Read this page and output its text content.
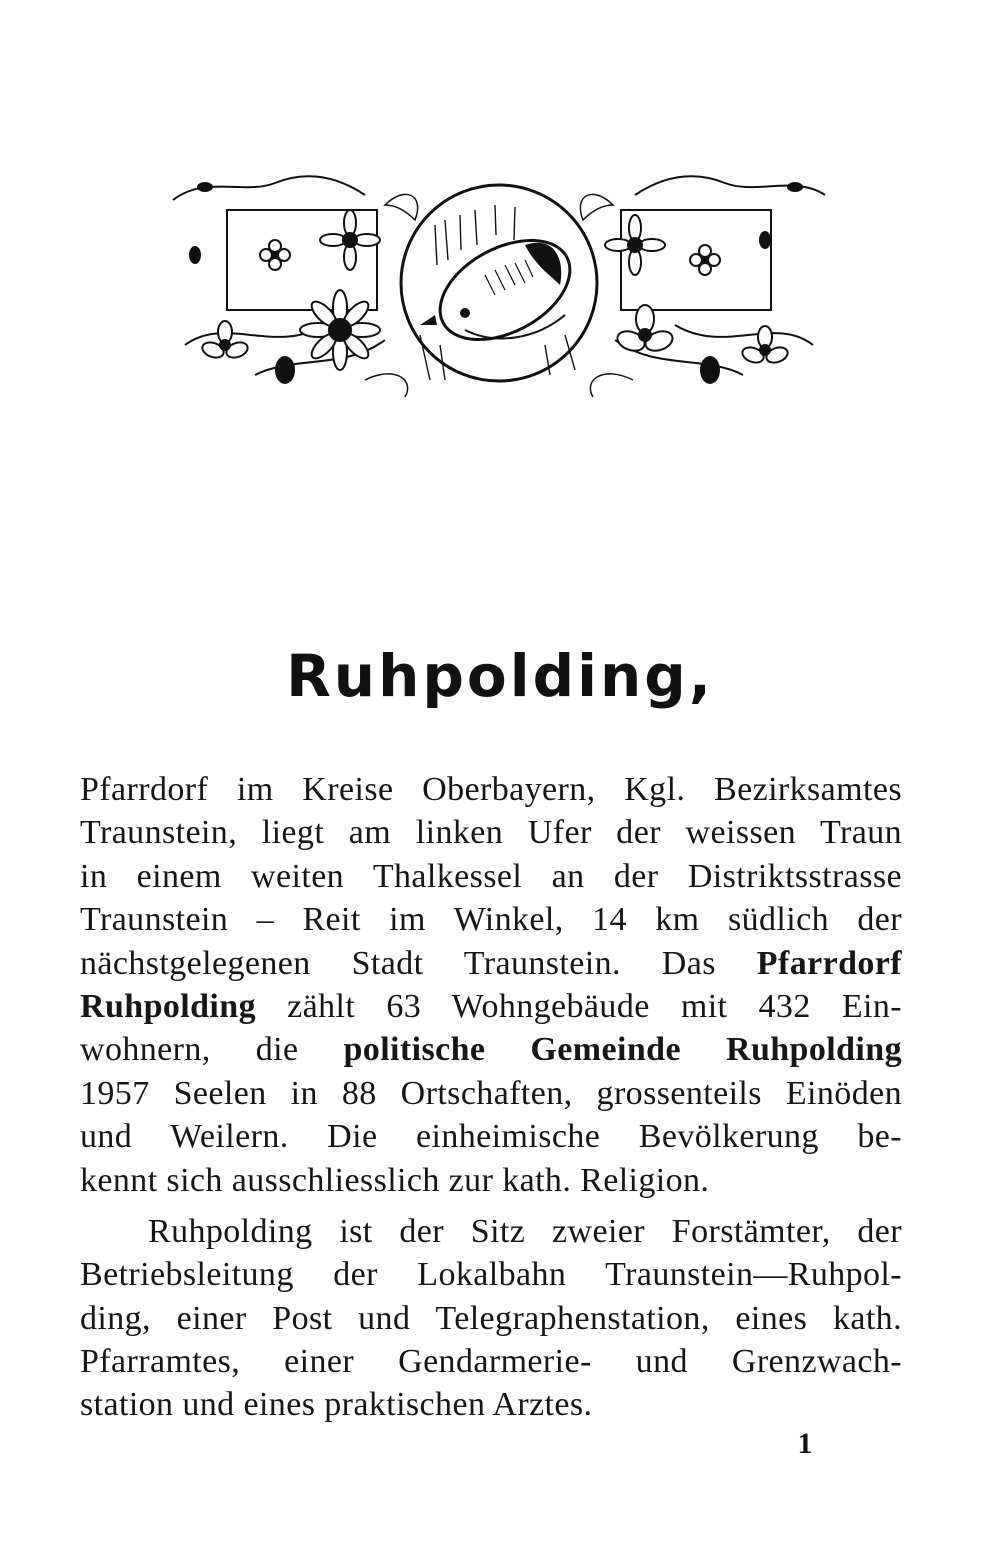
Ruhpolding,
Pfarrdorf im Kreise Oberbayern, Kgl. Bezirksamtes
Traunstein, liegt am linken Ufer der weissen Traun
in einem weiten Thalkessel an der Distriktsstrasse
Traunstein – Reit im Winkel, 14 km südlich der
nächstgelegenen Stadt Traunstein. Das Pfarrdorf
Ruhpolding zählt 63 Wohngebäude mit 432 Ein-
wohnern, die politische Gemeinde Ruhpolding
1957 Seelen in 88 Ortschaften, grossenteils Einöden
und Weilern. Die einheimische Bevölkerung be-
kennt sich ausschliesslich zur kath. Religion.
Ruhpolding ist der Sitz zweier Forstämter, der
Betriebsleitung der Lokalbahn Traunstein—Ruhpol-
ding, einer Post und Telegraphenstation, eines kath.
Pfarramtes, einer Gendarmerie- und Grenzwach-
station und eines praktischen Arztes.
1
